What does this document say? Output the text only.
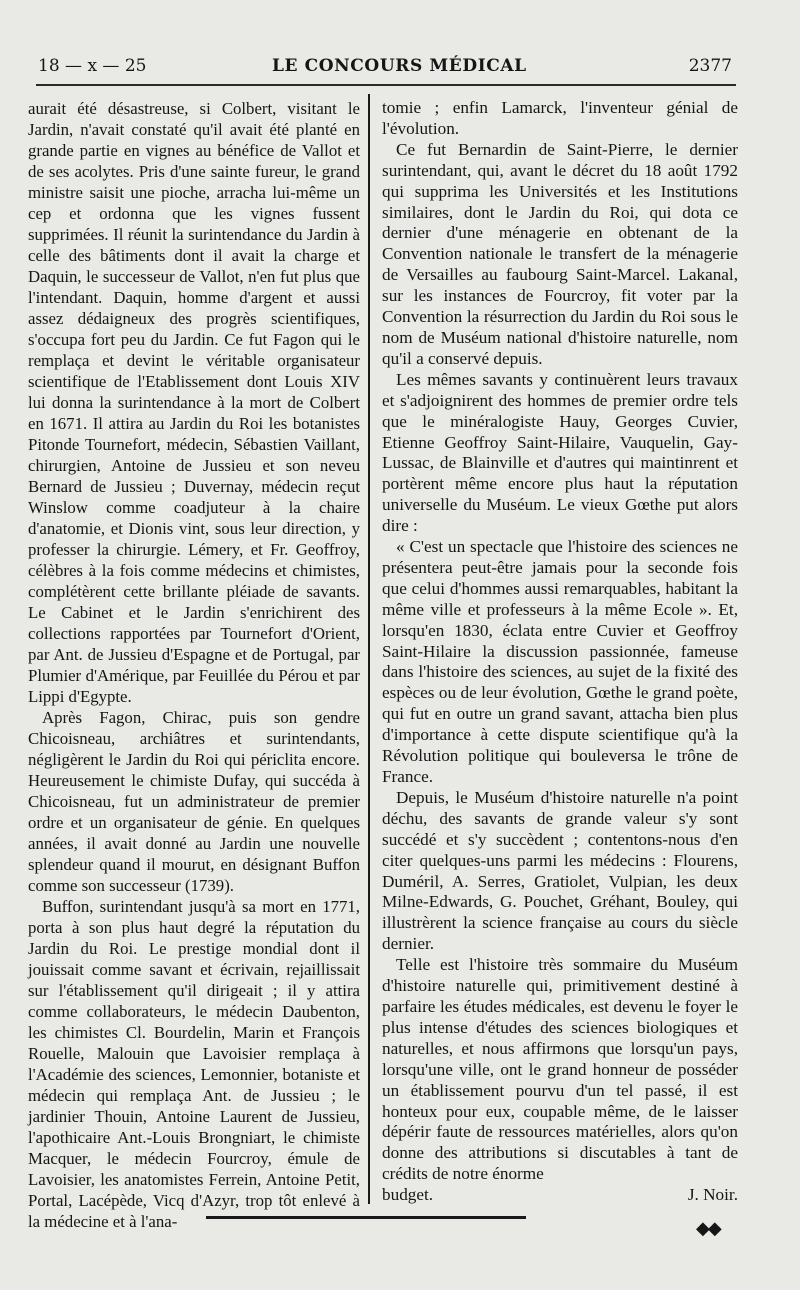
18 — x — 25	LE CONCOURS MÉDICAL	2377

aurait été désastreuse, si Colbert, visitant le Jardin, n'avait constaté qu'il avait été planté en grande partie en vignes au bénéfice de Vallot et de ses acolytes. Pris d'une sainte fureur, le grand ministre saisit une pioche, arracha lui-même un cep et ordonna que les vignes fussent supprimées. Il réunit la surintendance du Jardin à celle des bâtiments dont il avait la charge et Daquin, le successeur de Vallot, n'en fut plus que l'intendant. Daquin, homme d'argent et aussi assez dédaigneux des progrès scientifiques, s'occupa fort peu du Jardin. Ce fut Fagon qui le remplaça et devint le véritable organisateur scientifique de l'Etablissement dont Louis XIV lui donna la surintendance à la mort de Colbert en 1671. Il attira au Jardin du Roi les botanistes Pitonde Tournefort, médecin, Sébastien Vaillant, chirurgien, Antoine de Jussieu et son neveu Bernard de Jussieu ; Duvernay, médecin reçut Winslow comme coadjuteur à la chaire d'anatomie, et Dionis vint, sous leur direction, y professer la chirurgie. Lémery, et Fr. Geoffroy, célèbres à la fois comme médecins et chimistes, complétèrent cette brillante pléiade de savants. Le Cabinet et le Jardin s'enrichirent des collections rapportées par Tournefort d'Orient, par Ant. de Jussieu d'Espagne et de Portugal, par Plumier d'Amérique, par Feuillée du Pérou et par Lippi d'Egypte.

Après Fagon, Chirac, puis son gendre Chicoisneau, archiâtres et surintendants, négligèrent le Jardin du Roi qui périclita encore. Heureusement le chimiste Dufay, qui succéda à Chicoisneau, fut un administrateur de premier ordre et un organisateur de génie. En quelques années, il avait donné au Jardin une nouvelle splendeur quand il mourut, en désignant Buffon comme son successeur (1739).

Buffon, surintendant jusqu'à sa mort en 1771, porta à son plus haut degré la réputation du Jardin du Roi. Le prestige mondial dont il jouissait comme savant et écrivain, rejaillissait sur l'établissement qu'il dirigeait ; il y attira comme collaborateurs, le médecin Daubenton, les chimistes Cl. Bourdelin, Marin et François Rouelle, Malouin que Lavoisier remplaça à l'Académie des sciences, Lemonnier, botaniste et médecin qui remplaça Ant. de Jussieu ; le jardinier Thouin, Antoine Laurent de Jussieu, l'apothicaire Ant.-Louis Brongniart, le chimiste Macquer, le médecin Fourcroy, émule de Lavoisier, les anatomistes Ferrein, Antoine Petit, Portal, Lacépède, Vicq d'Azyr, trop tôt enlevé à la médecine et à l'ana-

tomie ; enfin Lamarck, l'inventeur génial de l'évolution.

Ce fut Bernardin de Saint-Pierre, le dernier surintendant, qui, avant le décret du 18 août 1792 qui supprima les Universités et les Institutions similaires, dont le Jardin du Roi, qui dota ce dernier d'une ménagerie en obtenant de la Convention nationale le transfert de la ménagerie de Versailles au faubourg Saint-Marcel. Lakanal, sur les instances de Fourcroy, fit voter par la Convention la résurrection du Jardin du Roi sous le nom de Muséum national d'histoire naturelle, nom qu'il a conservé depuis.

Les mêmes savants y continuèrent leurs travaux et s'adjoignirent des hommes de premier ordre tels que le minéralogiste Hauy, Georges Cuvier, Etienne Geoffroy Saint-Hilaire, Vauquelin, Gay-Lussac, de Blainville et d'autres qui maintinrent et portèrent même encore plus haut la réputation universelle du Muséum. Le vieux Gœthe put alors dire :

« C'est un spectacle que l'histoire des sciences ne présentera peut-être jamais pour la seconde fois que celui d'hommes aussi remarquables, habitant la même ville et professeurs à la même Ecole ». Et, lorsqu'en 1830, éclata entre Cuvier et Geoffroy Saint-Hilaire la discussion passionnée, fameuse dans l'histoire des sciences, au sujet de la fixité des espèces ou de leur évolution, Gœthe le grand poète, qui fut en outre un grand savant, attacha bien plus d'importance à cette dispute scientifique qu'à la Révolution politique qui bouleversa le trône de France.

Depuis, le Muséum d'histoire naturelle n'a point déchu, des savants de grande valeur s'y sont succédé et s'y succèdent ; contentons-nous d'en citer quelques-uns parmi les médecins : Flourens, Duméril, A. Serres, Gratiolet, Vulpian, les deux Milne-Edwards, G. Pouchet, Gréhant, Bouley, qui illustrèrent la science française au cours du siècle dernier.

Telle est l'histoire très sommaire du Muséum d'histoire naturelle qui, primitivement destiné à parfaire les études médicales, est devenu le foyer le plus intense d'études des sciences biologiques et naturelles, et nous affirmons que lorsqu'un pays, lorsqu'une ville, ont le grand honneur de posséder un établissement pourvu d'un tel passé, il est honteux pour eux, coupable même, de le laisser dépérir faute de ressources matérielles, alors qu'on donne des attributions si discutables à tant de crédits de notre énorme

budget.	J. Noir.
◆◆
